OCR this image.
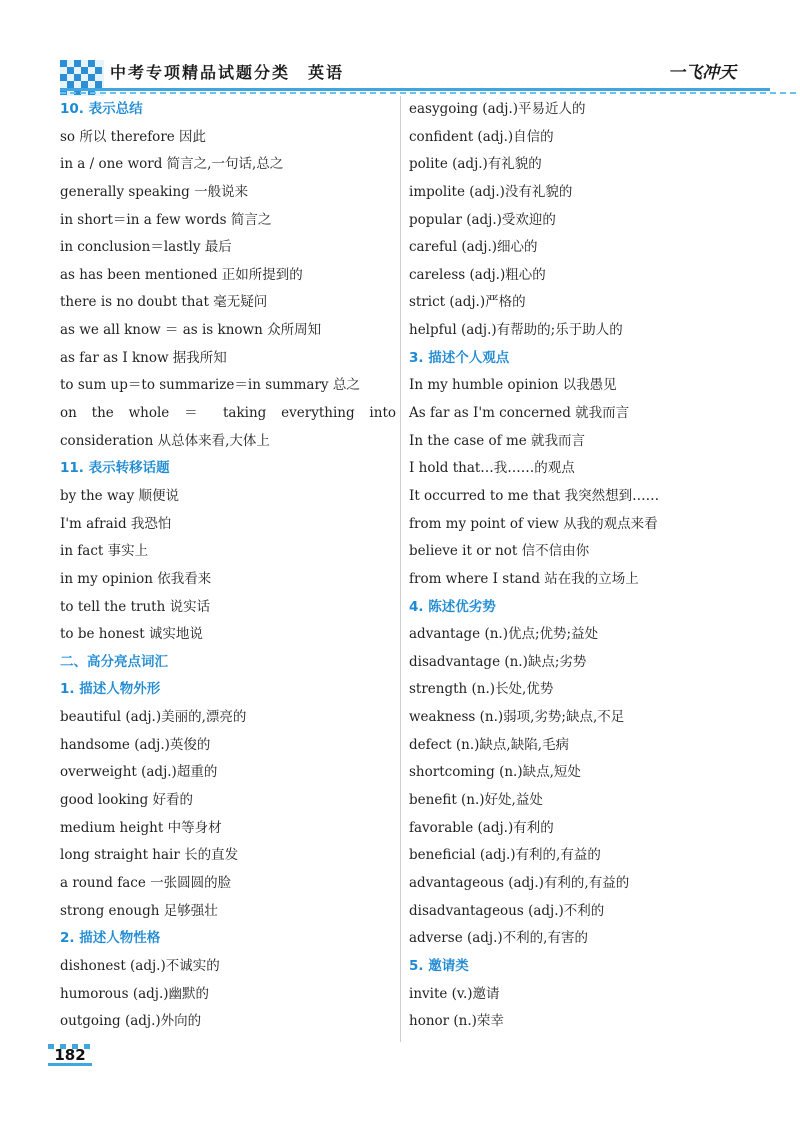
中考专项精品试题分类　英语	一飞冲天
10. 表示总结
so 所以 therefore 因此
in a / one word 简言之,一句话,总之
generally speaking 一般说来
in short＝in a few words 简言之
in conclusion＝lastly 最后
as has been mentioned 正如所提到的
there is no doubt that 毫无疑问
as we all know ＝ as is known 众所周知
as far as I know 据我所知
to sum up＝to summarize＝in summary 总之
on the whole ＝ taking everything into
consideration 从总体来看,大体上
11. 表示转移话题
by the way 顺便说
I'm afraid 我恐怕
in fact 事实上
in my opinion 依我看来
to tell the truth 说实话
to be honest 诚实地说
二、高分亮点词汇
1. 描述人物外形
beautiful (adj.)美丽的,漂亮的
handsome (adj.)英俊的
overweight (adj.)超重的
good looking 好看的
medium height 中等身材
long straight hair 长的直发
a round face 一张圆圆的脸
strong enough 足够强壮
2. 描述人物性格
dishonest (adj.)不诚实的
humorous (adj.)幽默的
outgoing (adj.)外向的
easygoing (adj.)平易近人的
confident (adj.)自信的
polite (adj.)有礼貌的
impolite (adj.)没有礼貌的
popular (adj.)受欢迎的
careful (adj.)细心的
careless (adj.)粗心的
strict (adj.)严格的
helpful (adj.)有帮助的;乐于助人的
3. 描述个人观点
In my humble opinion 以我愚见
As far as I'm concerned 就我而言
In the case of me 就我而言
I hold that…我……的观点
It occurred to me that 我突然想到……
from my point of view 从我的观点来看
believe it or not 信不信由你
from where I stand 站在我的立场上
4. 陈述优劣势
advantage (n.)优点;优势;益处
disadvantage (n.)缺点;劣势
strength (n.)长处,优势
weakness (n.)弱项,劣势;缺点,不足
defect (n.)缺点,缺陷,毛病
shortcoming (n.)缺点,短处
benefit (n.)好处,益处
favorable (adj.)有利的
beneficial (adj.)有利的,有益的
advantageous (adj.)有利的,有益的
disadvantageous (adj.)不利的
adverse (adj.)不利的,有害的
5. 邀请类
invite (v.)邀请
honor (n.)荣幸
182
